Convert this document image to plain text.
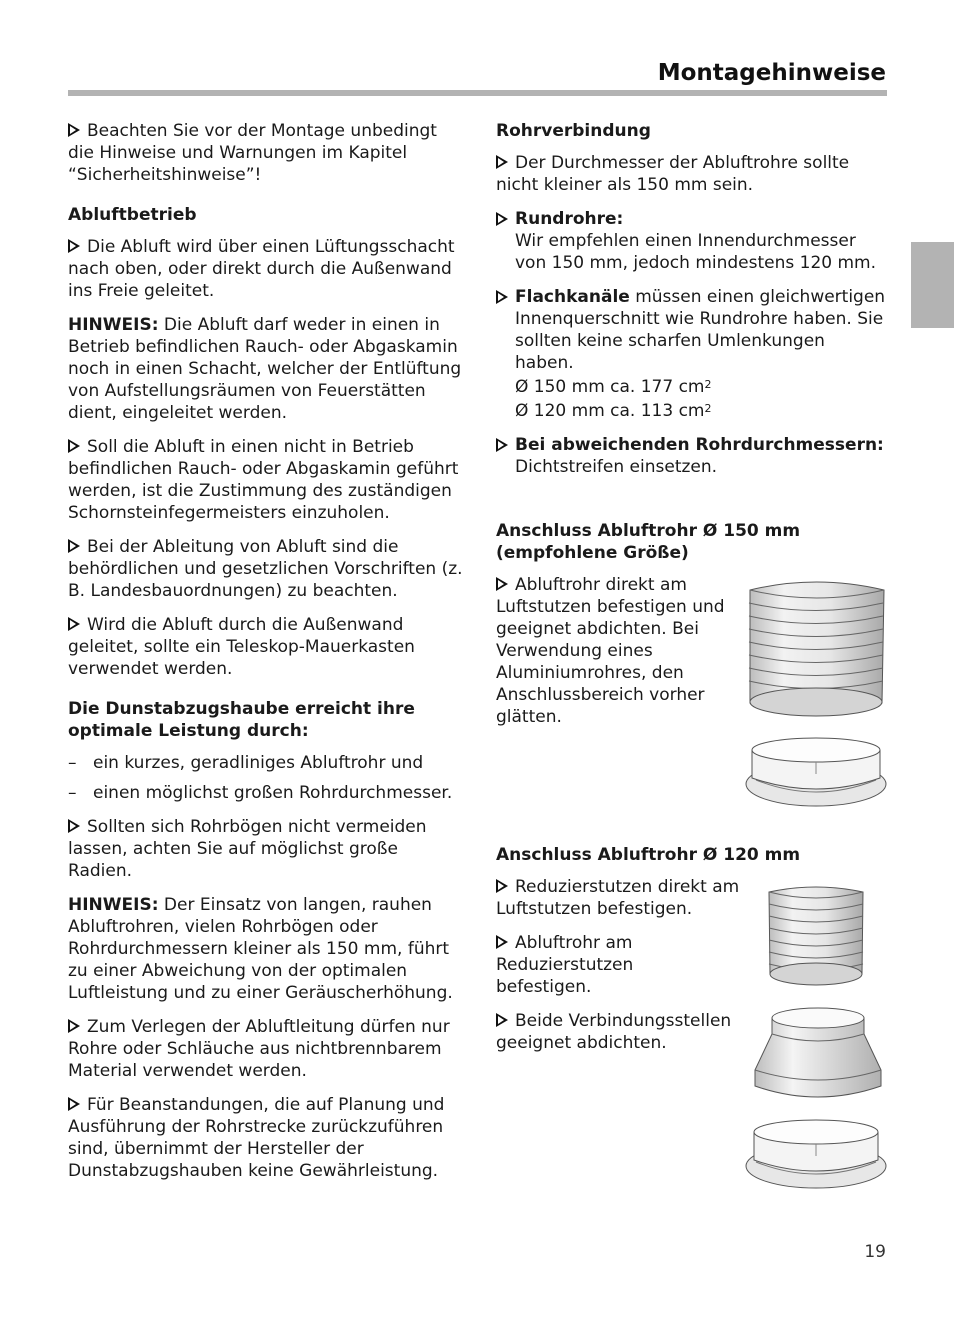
Montagehinweise

Beachten Sie vor der Montage unbedingt die Hinweise und Warnungen im Kapitel “Sicherheitshinweise”!

Abluftbetrieb

Die Abluft wird über einen Lüftungsschacht nach oben, oder direkt durch die Außenwand ins Freie geleitet.

HINWEIS: Die Abluft darf weder in einen in Betrieb befindlichen Rauch- oder Abgaskamin noch in einen Schacht, welcher der Entlüftung von Aufstellungsräumen von Feuerstätten dient, eingeleitet werden.

Soll die Abluft in einen nicht in Betrieb befindlichen Rauch- oder Abgaskamin geführt werden, ist die Zustimmung des zuständigen Schornsteinfegermeisters einzuholen.

Bei der Ableitung von Abluft sind die behördlichen und gesetzlichen Vorschriften (z. B. Landesbauordnungen) zu beachten.

Wird die Abluft durch die Außenwand geleitet, sollte ein Teleskop-Mauerkasten verwendet werden.

Die Dunstabzugshaube erreicht ihre optimale Leistung durch:
– ein kurzes, geradliniges Abluftrohr und
– einen möglichst großen Rohrdurchmesser.

Sollten sich Rohrbögen nicht vermeiden lassen, achten Sie auf möglichst große Radien.

HINWEIS: Der Einsatz von langen, rauhen Abluftrohren, vielen Rohrbögen oder Rohrdurchmessern kleiner als 150 mm, führt zu einer Abweichung von der optimalen Luftleistung und zu einer Geräuscherhöhung.

Zum Verlegen der Abluftleitung dürfen nur Rohre oder Schläuche aus nichtbrennbarem Material verwendet werden.

Für Beanstandungen, die auf Planung und Ausführung der Rohrstrecke zurückzuführen sind, übernimmt der Hersteller der Dunstabzugshauben keine Gewährleistung.

Rohrverbindung

Der Durchmesser der Abluftrohre sollte nicht kleiner als 150 mm sein.

Rundrohre:
Wir empfehlen einen Innendurchmesser von 150 mm, jedoch mindestens 120 mm.
Flachkanäle müssen einen gleichwertigen Innenquerschnitt wie Rundrohre haben. Sie sollten keine scharfen Umlenkungen haben.
Ø 150 mm ca. 177 $cm^2$
Ø 120 mm ca. 113 $cm^2$
Bei abweichenden Rohrdurchmessern:
Dichtstreifen einsetzen.
Anschluss Abluftrohr Ø 150 mm (empfohlene Größe)

Abluftrohr direkt am Luftstutzen befestigen und geeignet abdichten. Bei Verwendung eines Aluminiumrohres, den Anschlussbereich vorher glätten.

Anschluss Abluftrohr Ø 120 mm

Reduzierstutzen direkt am Luftstutzen befestigen.

Abluftrohr am Reduzierstutzen befestigen.

Beide Verbindungsstellen geeignet abdichten.

19
